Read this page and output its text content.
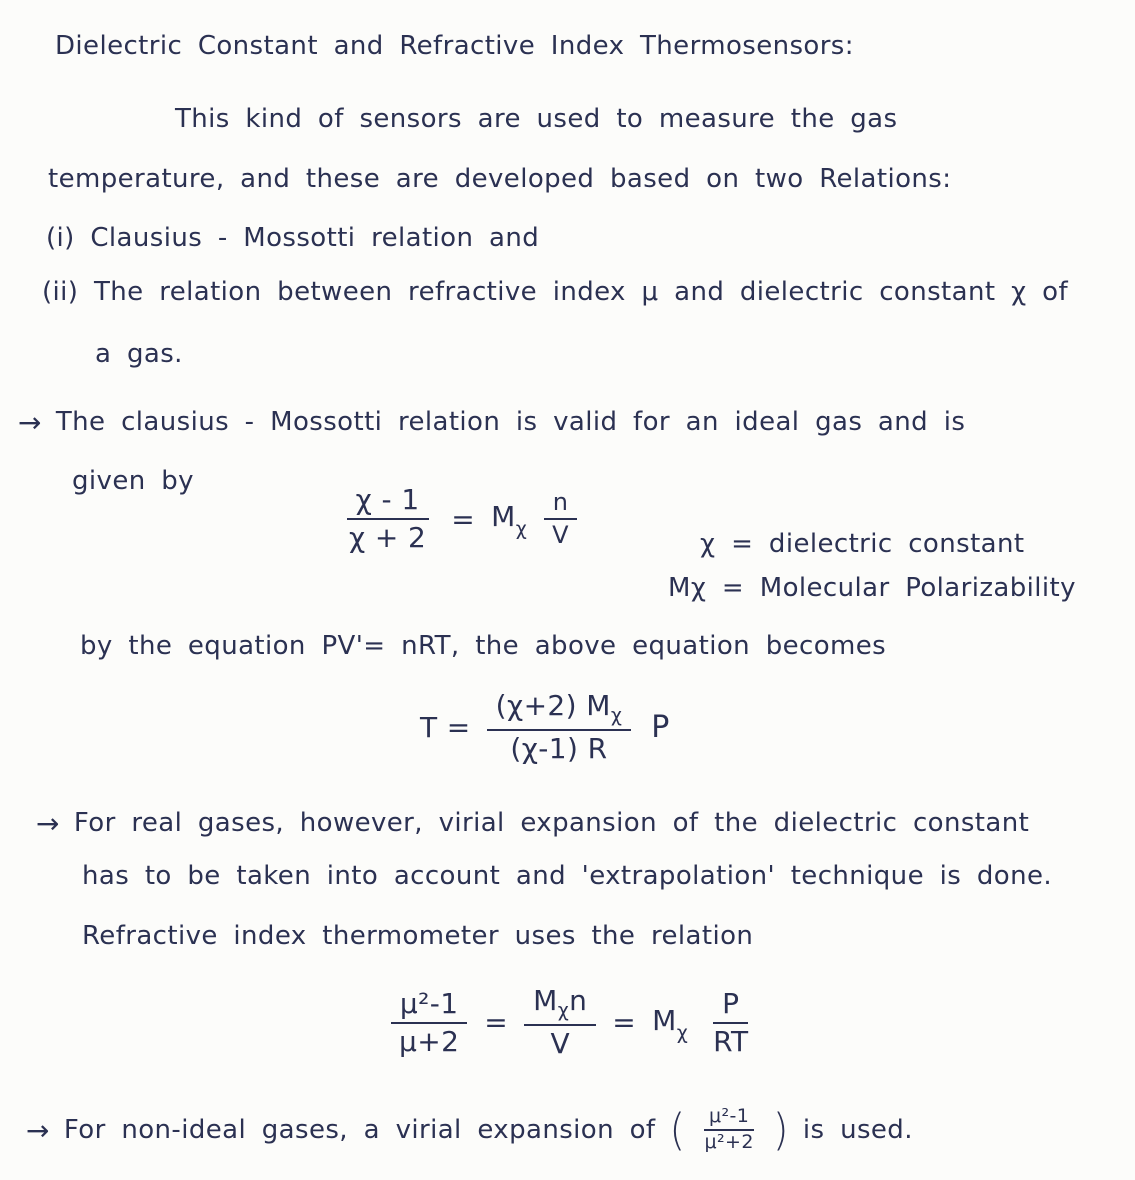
Dielectric Constant and Refractive Index Thermosensors:
This kind of sensors are used to measure the gas
temperature, and these are developed based on two Relations:
(i) Clausius - Mossotti relation and
(ii) The relation between refractive index μ and dielectric constant χ of
a gas.
→ The clausius - Mossotti relation is valid for an ideal gas and is
given by
$\frac{\chi - 1}{\chi + 2} = M_\chi \frac{n}{V}$	χ = dielectric constant
Mχ = Molecular Polarizability
by the equation PV'= nRT, the above equation becomes
$T = \frac{(\chi+2) M_\chi}{(\chi-1) R}$ P
→ For real gases, however, virial expansion of the dielectric constant
has to be taken into account and 'extrapolation' technique is done.
Refractive index thermometer uses the relation
$\frac{\text{μ²-1}}{\mu+2} = \frac{M_\chi n}{V} = M_\chi \frac{P}{RT}$
→ For non-ideal gases, a virial expansion of ( $\frac{\text{μ²-1}}{\text{μ²+2}}$ ) is used.
